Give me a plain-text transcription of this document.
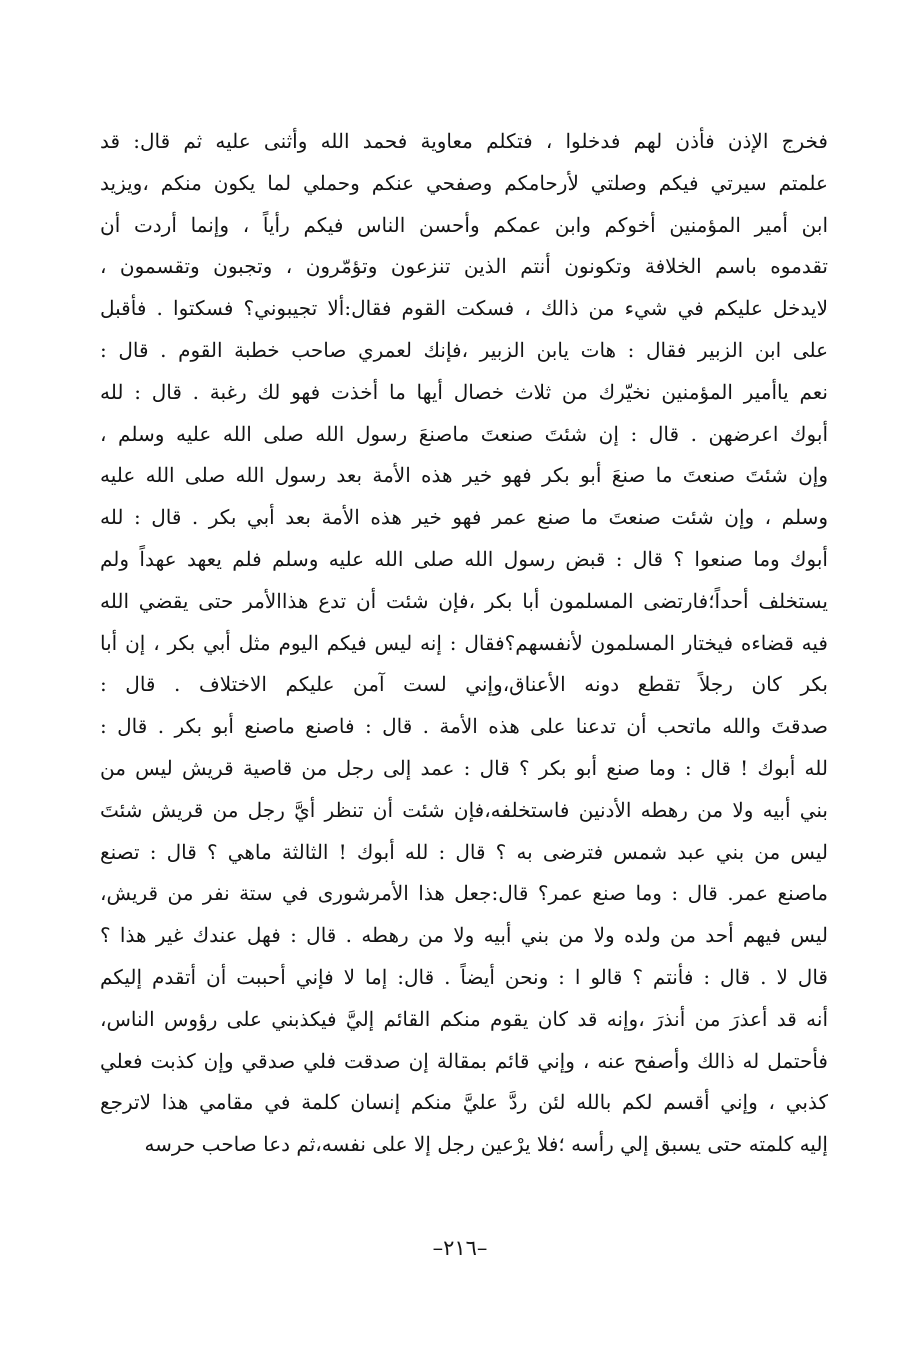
فخرج الإذن فأذن لهم فدخلوا ، فتكلم معاوية فحمد الله وأثنى عليه ثم قال: قد
علمتم سيرتي فيكم وصلتي لأرحامكم وصفحي عنكم وحملي لما يكون منكم ،ويزيد
ابن أمير المؤمنين أخوكم وابن عمكم وأحسن الناس فيكم رأياً ، وإنما أردت أن
تقدموه باسم الخلافة وتكونون أنتم الذين تنزعون وتؤمّرون ، وتجبون وتقسمون ،
لايدخل عليكم في شيء من ذالك ، فسكت القوم فقال:ألا تجيبوني؟ فسكتوا . فأقبل
على ابن الزبير فقال : هات يابن الزبير ،فإنك لعمري صاحب خطبة القوم . قال :
نعم ياأمير المؤمنين نخيّرك من ثلاث خصال أيها ما أخذت فهو لك رغبة . قال : لله
أبوك اعرضهن . قال : إن شئتَ صنعتَ ماصنعَ رسول الله صلى الله عليه وسلم ،
وإن شئتَ صنعتَ ما صنعَ أبو بكر فهو خير هذه الأمة بعد رسول الله صلى الله عليه
وسلم ، وإن شئت صنعتَ ما صنع عمر فهو خير هذه الأمة بعد أبي بكر . قال : لله
أبوك وما صنعوا ؟ قال : قبض رسول الله صلى الله عليه وسلم فلم يعهد عهداً ولم
يستخلف أحداً؛فارتضى المسلمون أبا بكر ،فإن شئت أن تدع هذاالأمر حتى يقضي الله
فيه قضاءه فيختار المسلمون لأنفسهم؟فقال : إنه ليس فيكم اليوم مثل أبي بكر ، إن أبا
بكر كان رجلاً تقطع دونه الأعناق،وإني لست آمن عليكم الاختلاف . قال :
صدقتَ والله ماتحب أن تدعنا على هذه الأمة . قال : فاصنع ماصنع أبو بكر . قال :
لله أبوك ! قال : وما صنع أبو بكر ؟ قال : عمد إلى رجل من قاصية قريش ليس من
بني أبيه ولا من رهطه الأدنين فاستخلفه،فإن شئت أن تنظر أيَّ رجل من قريش شئتَ
ليس من بني عبد شمس فترضى به ؟ قال : لله أبوك ! الثالثة ماهي ؟ قال : تصنع
ماصنع عمر. قال : وما صنع عمر؟ قال:جعل هذا الأمرشورى في ستة نفر من قريش،
ليس فيهم أحد من ولده ولا من بني أبيه ولا من رهطه . قال : فهل عندك غير هذا ؟
قال لا . قال : فأنتم ؟ قالو ا : ونحن أيضاً . قال: إما لا فإني أحببت أن أتقدم إليكم
أنه قد أعذرَ من أنذرَ ،وإنه قد كان يقوم منكم القائم إليَّ فيكذبني على رؤوس الناس،
فأحتمل له ذالك وأصفح عنه ، وإني قائم بمقالة إن صدقت فلي صدقي وإن كذبت فعلي
كذبي ، وإني أقسم لكم بالله لئن ردَّ عليَّ منكم إنسان كلمة في مقامي هذا لاترجع
إليه كلمته حتى يسبق إلي رأسه ؛فلا يرْعين رجل إلا على نفسه،ثم دعا صاحب حرسه
–٢١٦–
